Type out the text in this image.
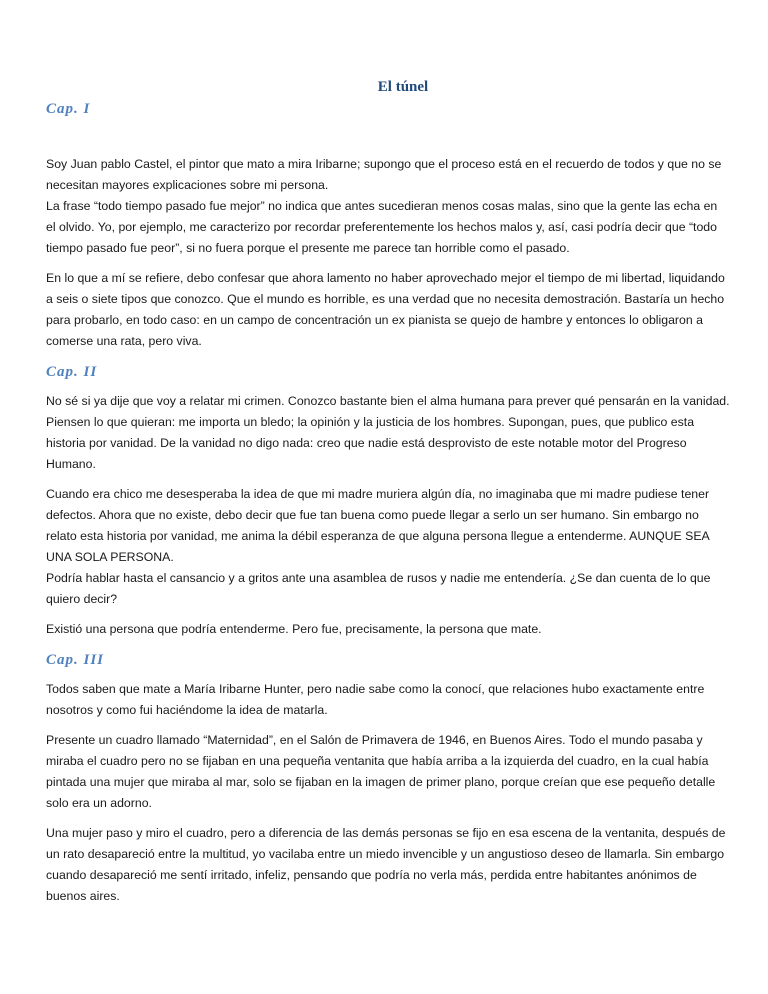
El túnel
Cap. I

Soy Juan pablo Castel, el pintor que mato a mira Iribarne; supongo que el proceso está en el recuerdo de todos y que no se necesitan mayores explicaciones sobre mi persona.
La frase “todo tiempo pasado fue mejor” no indica que antes sucedieran menos cosas malas, sino que la gente las echa en el olvido. Yo, por ejemplo, me caracterizo por recordar preferentemente los hechos malos y, así, casi podría decir que “todo tiempo pasado fue peor”, si no fuera porque el presente me parece tan horrible como el pasado.

En lo que a mí se refiere, debo confesar que ahora lamento no haber aprovechado mejor el tiempo de mi libertad, liquidando a seis o siete tipos que conozco. Que el mundo es horrible, es una verdad que no necesita demostración. Bastaría un hecho para probarlo, en todo caso: en un campo de concentración un ex pianista se quejo de hambre y entonces lo obligaron a comerse una rata, pero viva.

Cap. II

No sé si ya dije que voy a relatar mi crimen. Conozco bastante bien el alma humana para prever qué pensarán en la vanidad. Piensen lo que quieran: me importa un bledo; la opinión y la justicia de los hombres. Supongan, pues, que publico esta historia por vanidad. De la vanidad no digo nada: creo que nadie está desprovisto de este notable motor del Progreso Humano.

Cuando era chico me desesperaba la idea de que mi madre muriera algún día, no imaginaba que mi madre pudiese tener defectos. Ahora que no existe, debo decir que fue tan buena como puede llegar a serlo un ser humano. Sin embargo no relato esta historia por vanidad, me anima la débil esperanza de que alguna persona llegue a entenderme. AUNQUE SEA UNA SOLA PERSONA.
Podría hablar hasta el cansancio y a gritos ante una asamblea de rusos y nadie me entendería. ¿Se dan cuenta de lo que quiero decir?

Existió una persona que podría entenderme. Pero fue, precisamente, la persona que mate.

Cap. III

Todos saben que mate a María Iribarne Hunter, pero nadie sabe como la conocí, que relaciones hubo exactamente entre nosotros y como fui haciéndome la idea de matarla.

Presente un cuadro llamado “Maternidad”, en el Salón de Primavera de 1946, en Buenos Aires. Todo el mundo pasaba y miraba el cuadro pero no se fijaban en una pequeña ventanita que había arriba a la izquierda del cuadro, en la cual había pintada una mujer que miraba al mar, solo se fijaban en la imagen de primer plano, porque creían que ese pequeño detalle solo era un adorno.

Una mujer paso y miro el cuadro, pero a diferencia de las demás personas se fijo en esa escena de la ventanita, después de un rato desapareció entre la multitud, yo vacilaba entre un miedo invencible y un angustioso deseo de llamarla. Sin embargo cuando desapareció me sentí irritado, infeliz, pensando que podría no verla más, perdida entre habitantes anónimos de buenos aires.
